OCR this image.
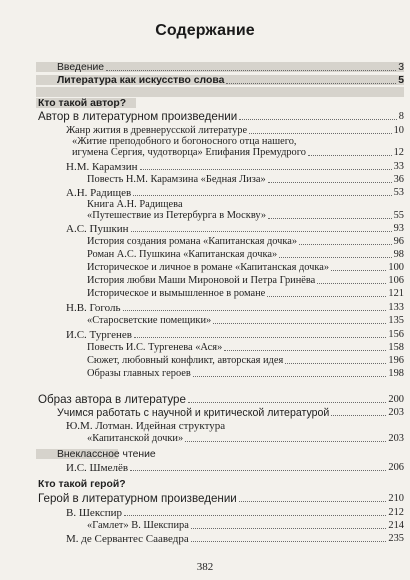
Содержание
Введение	3
Литература как искусство слова	5
Кто такой автор?
Автор в литературном произведении	8
Жанр жития в древнерусской литературе	10
«Житие преподобного и богоносного отца нашего,
игумена Сергия, чудотворца» Епифания Премудрого	12
Н.М. Карамзин	33
Повесть Н.М. Карамзина «Бедная Лиза»	36
А.Н. Радищев	53
Книга А.Н. Радищева
«Путешествие из Петербурга в Москву»	55
А.С. Пушкин	93
История создания романа «Капитанская дочка»	96
Роман А.С. Пушкина «Капитанская дочка»	98
Историческое и личное в романе «Капитанская дочка»	100
История любви Маши Мироновой и Петра Гринёва	106
Историческое и вымышленное в романе	121
Н.В. Гоголь	133
«Старосветские помещики»	135
И.С. Тургенев	156
Повесть И.С. Тургенева «Ася»	158
Сюжет, любовный конфликт, авторская идея	196
Образы главных героев	198
Образ автора в литературе	200
Учимся работать с научной и критической литературой	203
Ю.М. Лотман. Идейная структура
«Капитанской дочки»	203
Внеклассное чтение
И.С. Шмелёв	206
Кто такой герой?
Герой в литературном произведении	210
В. Шекспир	212
«Гамлет» В. Шекспира	214
М. де Сервантес Сааведра	235
382
